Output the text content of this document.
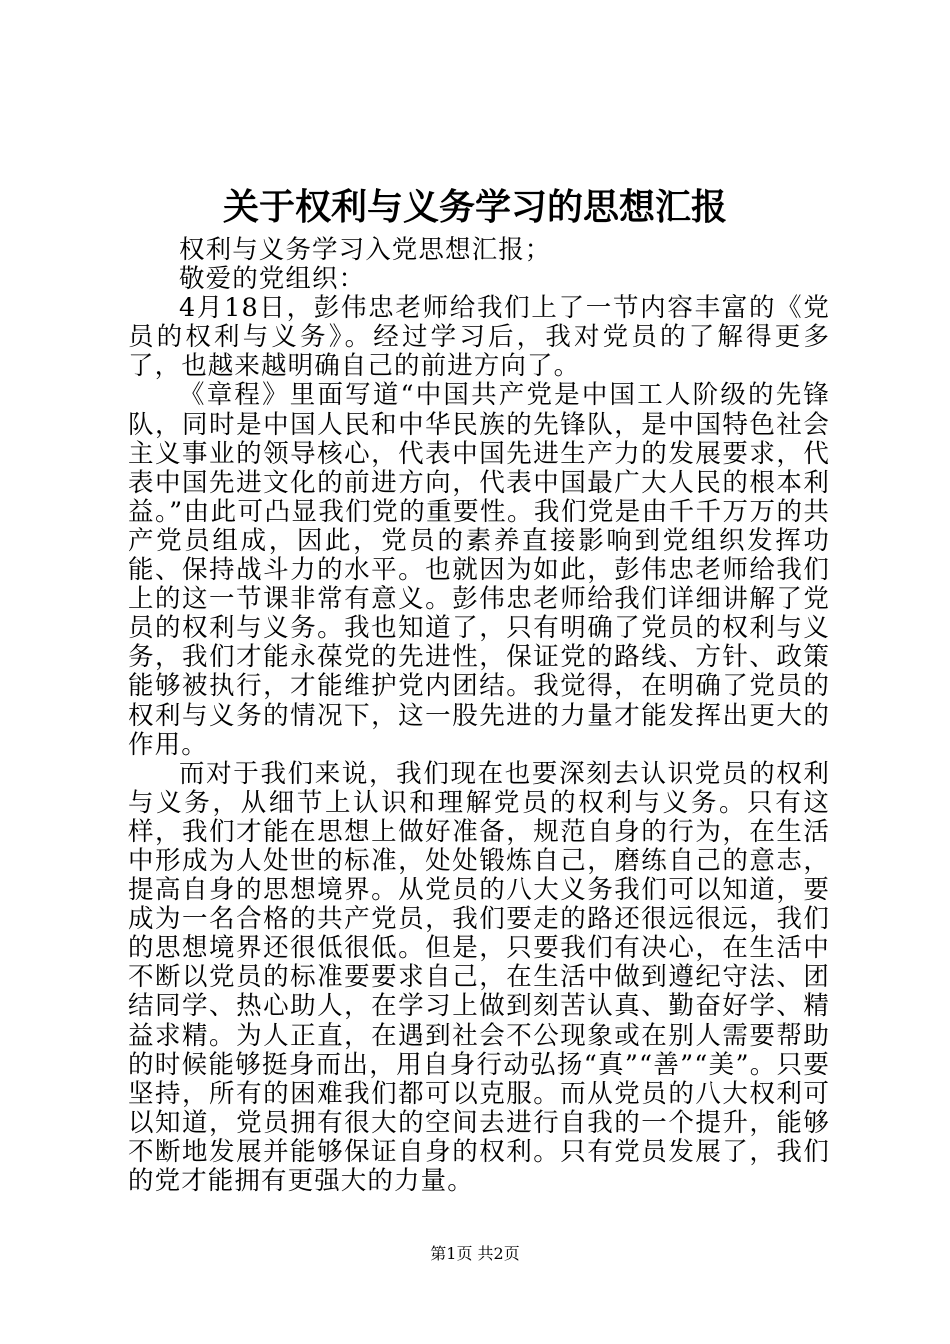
关于权利与义务学习的思想汇报

权利与义务学习入党思想汇报；

敬爱的党组织：

4月18日，彭伟忠老师给我们上了一节内容丰富的《党员的权利与义务》。经过学习后，我对党员的了解得更多了，也越来越明确自己的前进方向了。

《章程》里面写道“中国共产党是中国工人阶级的先锋队，同时是中国人民和中华民族的先锋队，是中国特色社会主义事业的领导核心，代表中国先进生产力的发展要求，代表中国先进文化的前进方向，代表中国最广大人民的根本利益。”由此可凸显我们党的重要性。我们党是由千千万万的共产党员组成，因此，党员的素养直接影响到党组织发挥功能、保持战斗力的水平。也就因为如此，彭伟忠老师给我们上的这一节课非常有意义。彭伟忠老师给我们详细讲解了党员的权利与义务。我也知道了，只有明确了党员的权利与义务，我们才能永葆党的先进性，保证党的路线、方针、政策能够被执行，才能维护党内团结。我觉得，在明确了党员的权利与义务的情况下，这一股先进的力量才能发挥出更大的作用。

而对于我们来说，我们现在也要深刻去认识党员的权利与义务，从细节上认识和理解党员的权利与义务。只有这样，我们才能在思想上做好准备，规范自身的行为，在生活中形成为人处世的标准，处处锻炼自己，磨练自己的意志，提高自身的思想境界。从党员的八大义务我们可以知道，要成为一名合格的共产党员，我们要走的路还很远很远，我们的思想境界还很低很低。但是，只要我们有决心，在生活中不断以党员的标准要要求自己，在生活中做到遵纪守法、团结同学、热心助人，在学习上做到刻苦认真、勤奋好学、精益求精。为人正直，在遇到社会不公现象或在别人需要帮助的时候能够挺身而出，用自身行动弘扬“真”“善”“美”。只要坚持，所有的困难我们都可以克服。而从党员的八大权利可以知道，党员拥有很大的空间去进行自我的一个提升，能够不断地发展并能够保证自身的权利。只有党员发展了，我们的党才能拥有更强大的力量。

第1页 共2页
